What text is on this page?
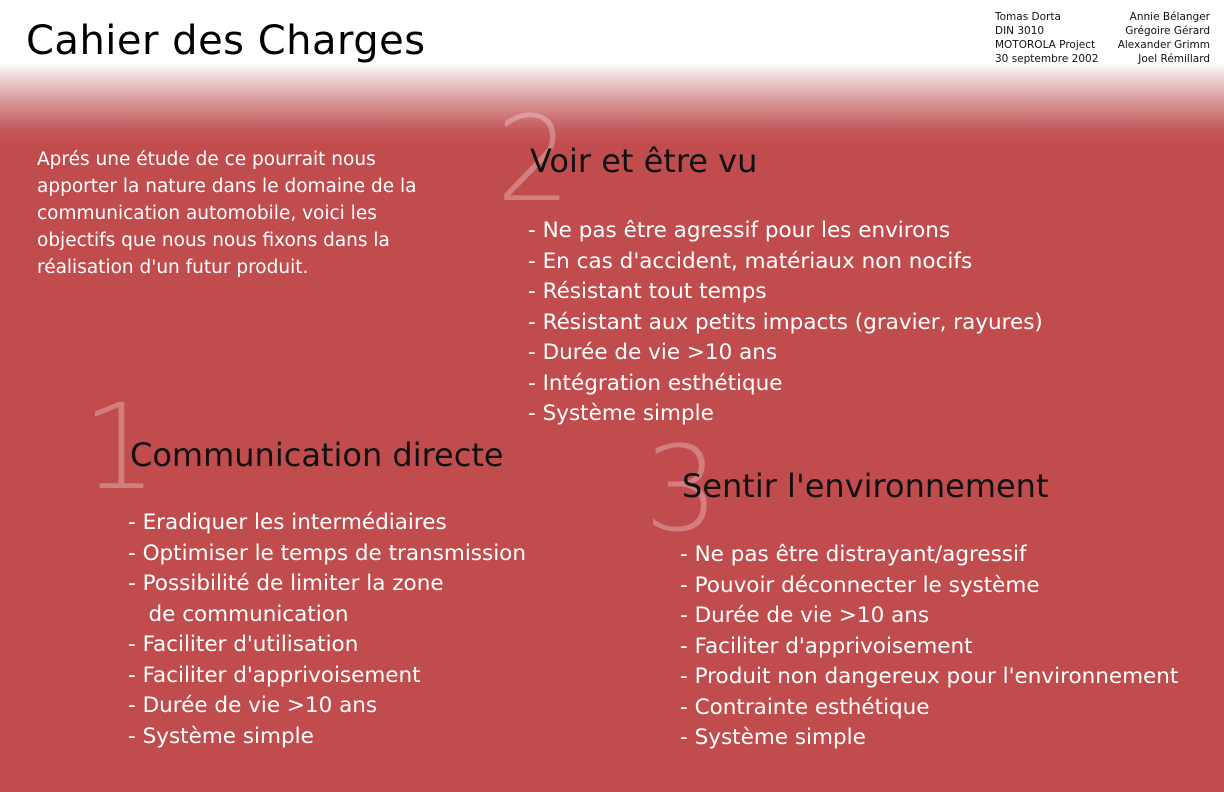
Cahier des Charges
Tomas Dorta
DIN 3010
MOTOROLA Project
30 septembre 2002
Annie Bélanger
Grégoire Gérard
Alexander Grimm
Joel Rémillard
Aprés une étude de ce pourrait nous apporter la nature dans le domaine de la communication automobile, voici les objectifs que nous nous fixons dans la réalisation d'un futur produit.
2
Voir et être vu
- Ne pas être agressif pour les environs
- En cas d'accident, matériaux non nocifs
- Résistant tout temps
- Résistant aux petits impacts (gravier, rayures)
- Durée de vie >10 ans
- Intégration esthétique
- Système simple
1
Communication directe
- Eradiquer les intermédiaires
- Optimiser le temps de transmission
- Possibilité de limiter la zone
de communication
- Faciliter d'utilisation
- Faciliter d'apprivoisement
- Durée de vie >10 ans
- Système simple
3
Sentir l'environnement
- Ne pas être distrayant/agressif
- Pouvoir déconnecter le système
- Durée de vie >10 ans
- Faciliter d'apprivoisement
- Produit non dangereux pour l'environnement
- Contrainte esthétique
- Système simple
